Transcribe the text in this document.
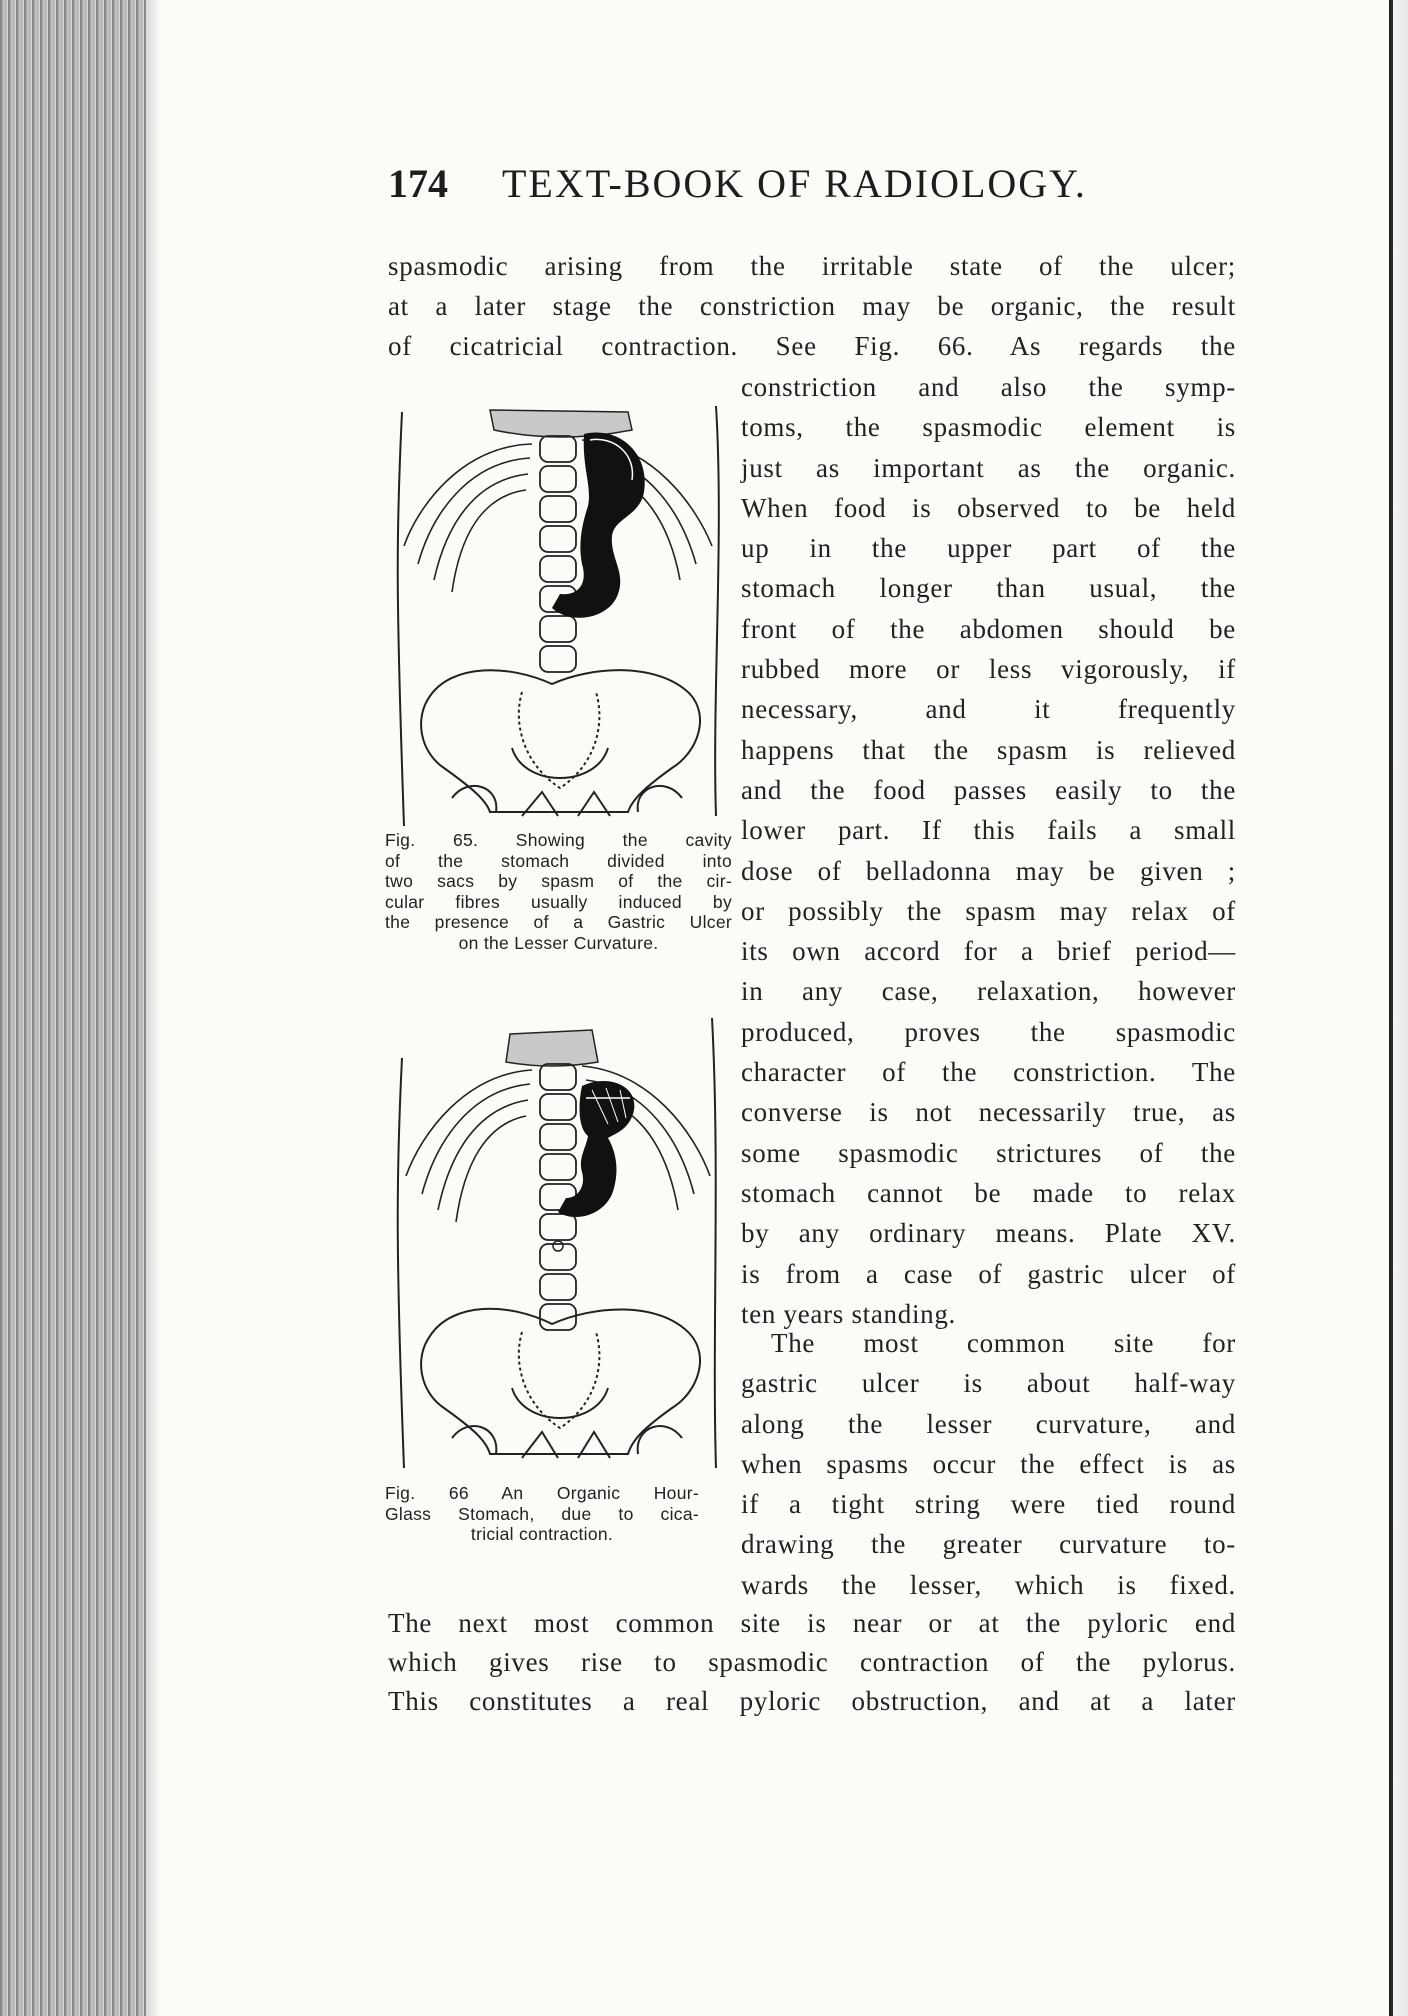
174 TEXT-BOOK OF RADIOLOGY.
spasmodic arising from the irritable state of the ulcer;
at a later stage the constriction may be organic, the result
of cicatricial contraction. See Fig. 66. As regards the
constriction and also the symp-
toms, the spasmodic element is
just as important as the organic.
When food is observed to be held
up in the upper part of the
stomach longer than usual, the
front of the abdomen should be
rubbed more or less vigorously, if
necessary, and it frequently
happens that the spasm is relieved
and the food passes easily to the
lower part. If this fails a small
dose of belladonna may be given ;
or possibly the spasm may relax of
its own accord for a brief period—
in any case, relaxation, however
produced, proves the spasmodic
character of the constriction. The
converse is not necessarily true, as
some spasmodic strictures of the
stomach cannot be made to relax
by any ordinary means. Plate XV.
is from a case of gastric ulcer of
ten years standing.
The most common site for
gastric ulcer is about half-way
along the lesser curvature, and
when spasms occur the effect is as
if a tight string were tied round
drawing the greater curvature to-
wards the lesser, which is fixed.
The next most common site is near or at the pyloric end
which gives rise to spasmodic contraction of the pylorus.
This constitutes a real pyloric obstruction, and at a later
Fig. 65. Showing the cavity
of the stomach divided into
two sacs by spasm of the cir-
cular fibres usually induced by
the presence of a Gastric Ulcer
on the Lesser Curvature.
Fig. 66 An Organic Hour-
Glass Stomach, due to cica-
tricial contraction.
